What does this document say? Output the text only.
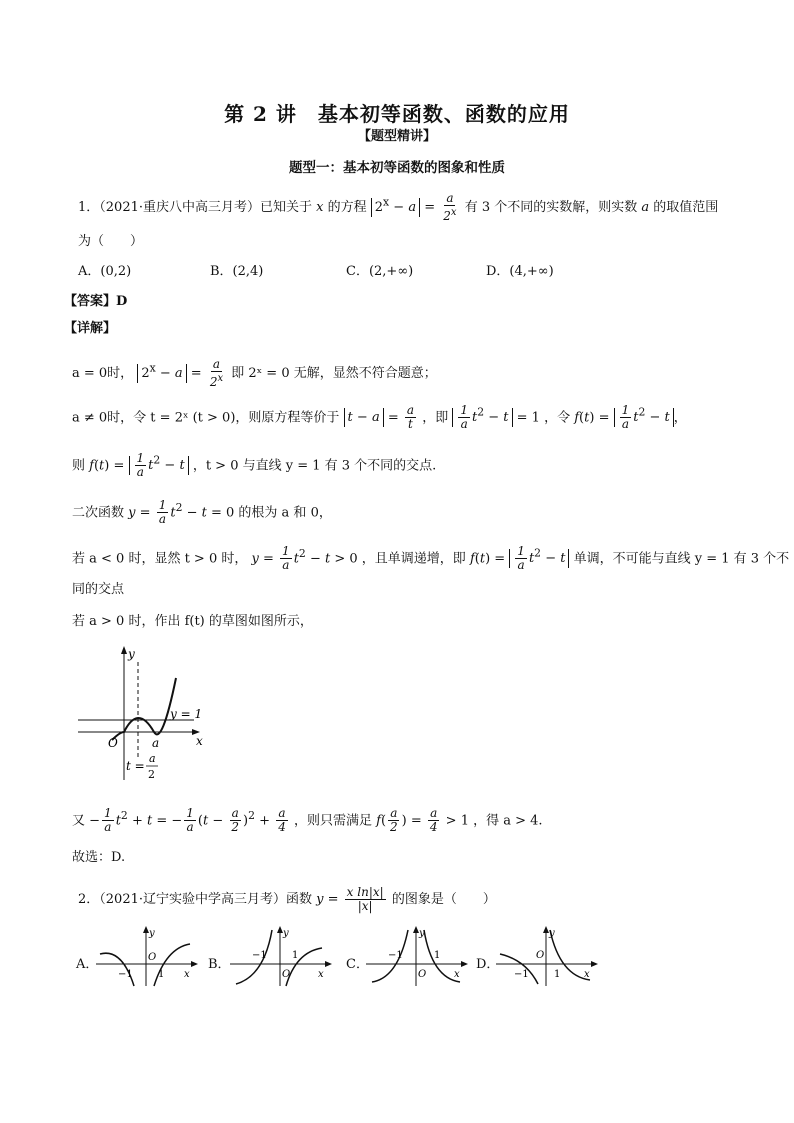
第 2 讲　基本初等函数、函数的应用
【题型精讲】
题型一：基本初等函数的图象和性质
1．（2021·重庆八中高三月考）已知关于 x 的方程 $2^x - a = \frac{a}{2^x}$ 有 3 个不同的实数解，则实数 a 的取值范围
为（　　）
A．(0,2)	B．(2,4)	C．(2,+∞)	D．(4,+∞)
【答案】D
【详解】
a = 0时， $2^x - a = \frac{a}{2^x}$ 即 2ˣ = 0 无解，显然不符合题意；
a ≠ 0时，令 t = 2ˣ (t > 0)，则原方程等价于 $t - a = \frac{a}{t}$ ，即 $\frac{1}{a} t^2 - t = 1$ ，令 $f(t) = \frac{1}{a} t^2 - t$ ，
则 $f(t) = \frac{1}{a} t^2 - t$ ，t > 0 与直线 y = 1 有 3 个不同的交点.
二次函数 $y = \frac{1}{a} t^2 - t = 0$ 的根为 a 和 0，
若 a < 0 时，显然 t > 0 时， $y = \frac{1}{a} t^2 - t > 0$ ，且单调递增，即 $f(t) = \frac{1}{a} t^2 - t$ 单调，不可能与直线 y = 1 有 3 个不
同的交点
若 a > 0 时，作出 f(t) 的草图如图所示，
y
x
O	a
y = 1
t =
a
2
又 − $\frac{1}{a} t^2 + t$ = − $\frac{1}{a} (t - \frac{a}{2} )^2 + \frac{a}{4}$ ，则只需满足 $f( \frac{a}{2}$ ) = $\frac{a}{4} > 1$ ，得 a > 4.
故选：D.
2．（2021·辽宁实验中学高三月考）函数 $y = \frac{\text{x ln|x|}}{|x|}$ 的图象是（　　）
A．
y
O
−1	1 x
B．
y
O
−1	1
x
C．
y
O
−1	1
x
D．
y
O
−1	1 x
